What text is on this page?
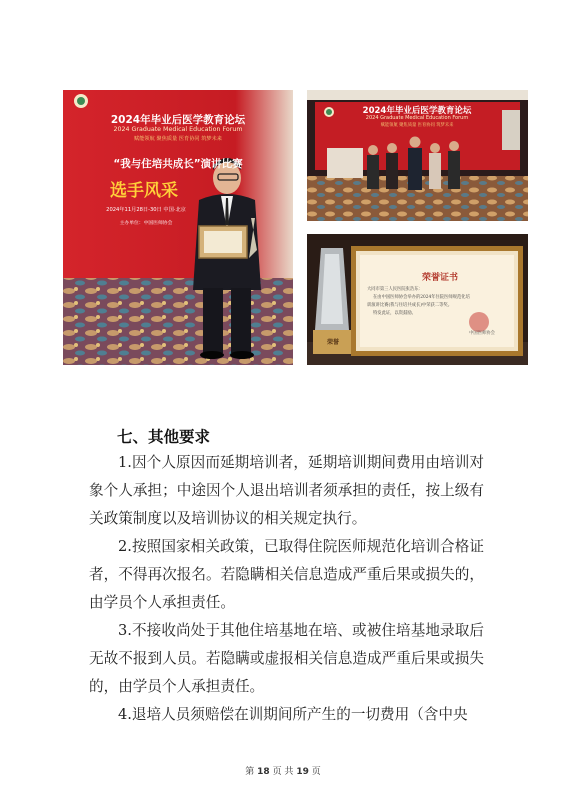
2024年毕业后医学教育论坛
2024 Graduate Medical Education Forum
赋能领航 聚焦质量 医育协同 筑梦未来
“我与住培共成长”演讲比赛
选手风采
2024年11月28日-30日 中国·北京
主办单位：中国医师协会
2024年毕业后医学教育论坛
2024 Graduate Medical Education Forum
赋能领航 聚焦质量 医育协同 筑梦未来
荣誉证书
大同市第三人民医院张浩东：
在由中国医师协会举办的2024年住院医师规范化培
训演讲比赛(我与住培共成长)中荣获二等奖。
特发此证，以资鼓励。
中国医师协会
荣誉
七、其他要求

1.因个人原因而延期培训者，延期培训期间费用由培训对象个人承担；中途因个人退出培训者须承担的责任，按上级有关政策制度以及培训协议的相关规定执行。

2.按照国家相关政策，已取得住院医师规范化培训合格证者，不得再次报名。若隐瞒相关信息造成严重后果或损失的，由学员个人承担责任。

3.不接收尚处于其他住培基地在培、或被住培基地录取后无故不报到人员。若隐瞒或虚报相关信息造成严重后果或损失的，由学员个人承担责任。

4.退培人员须赔偿在训期间所产生的一切费用（含中央

第 18 页 共 19 页
